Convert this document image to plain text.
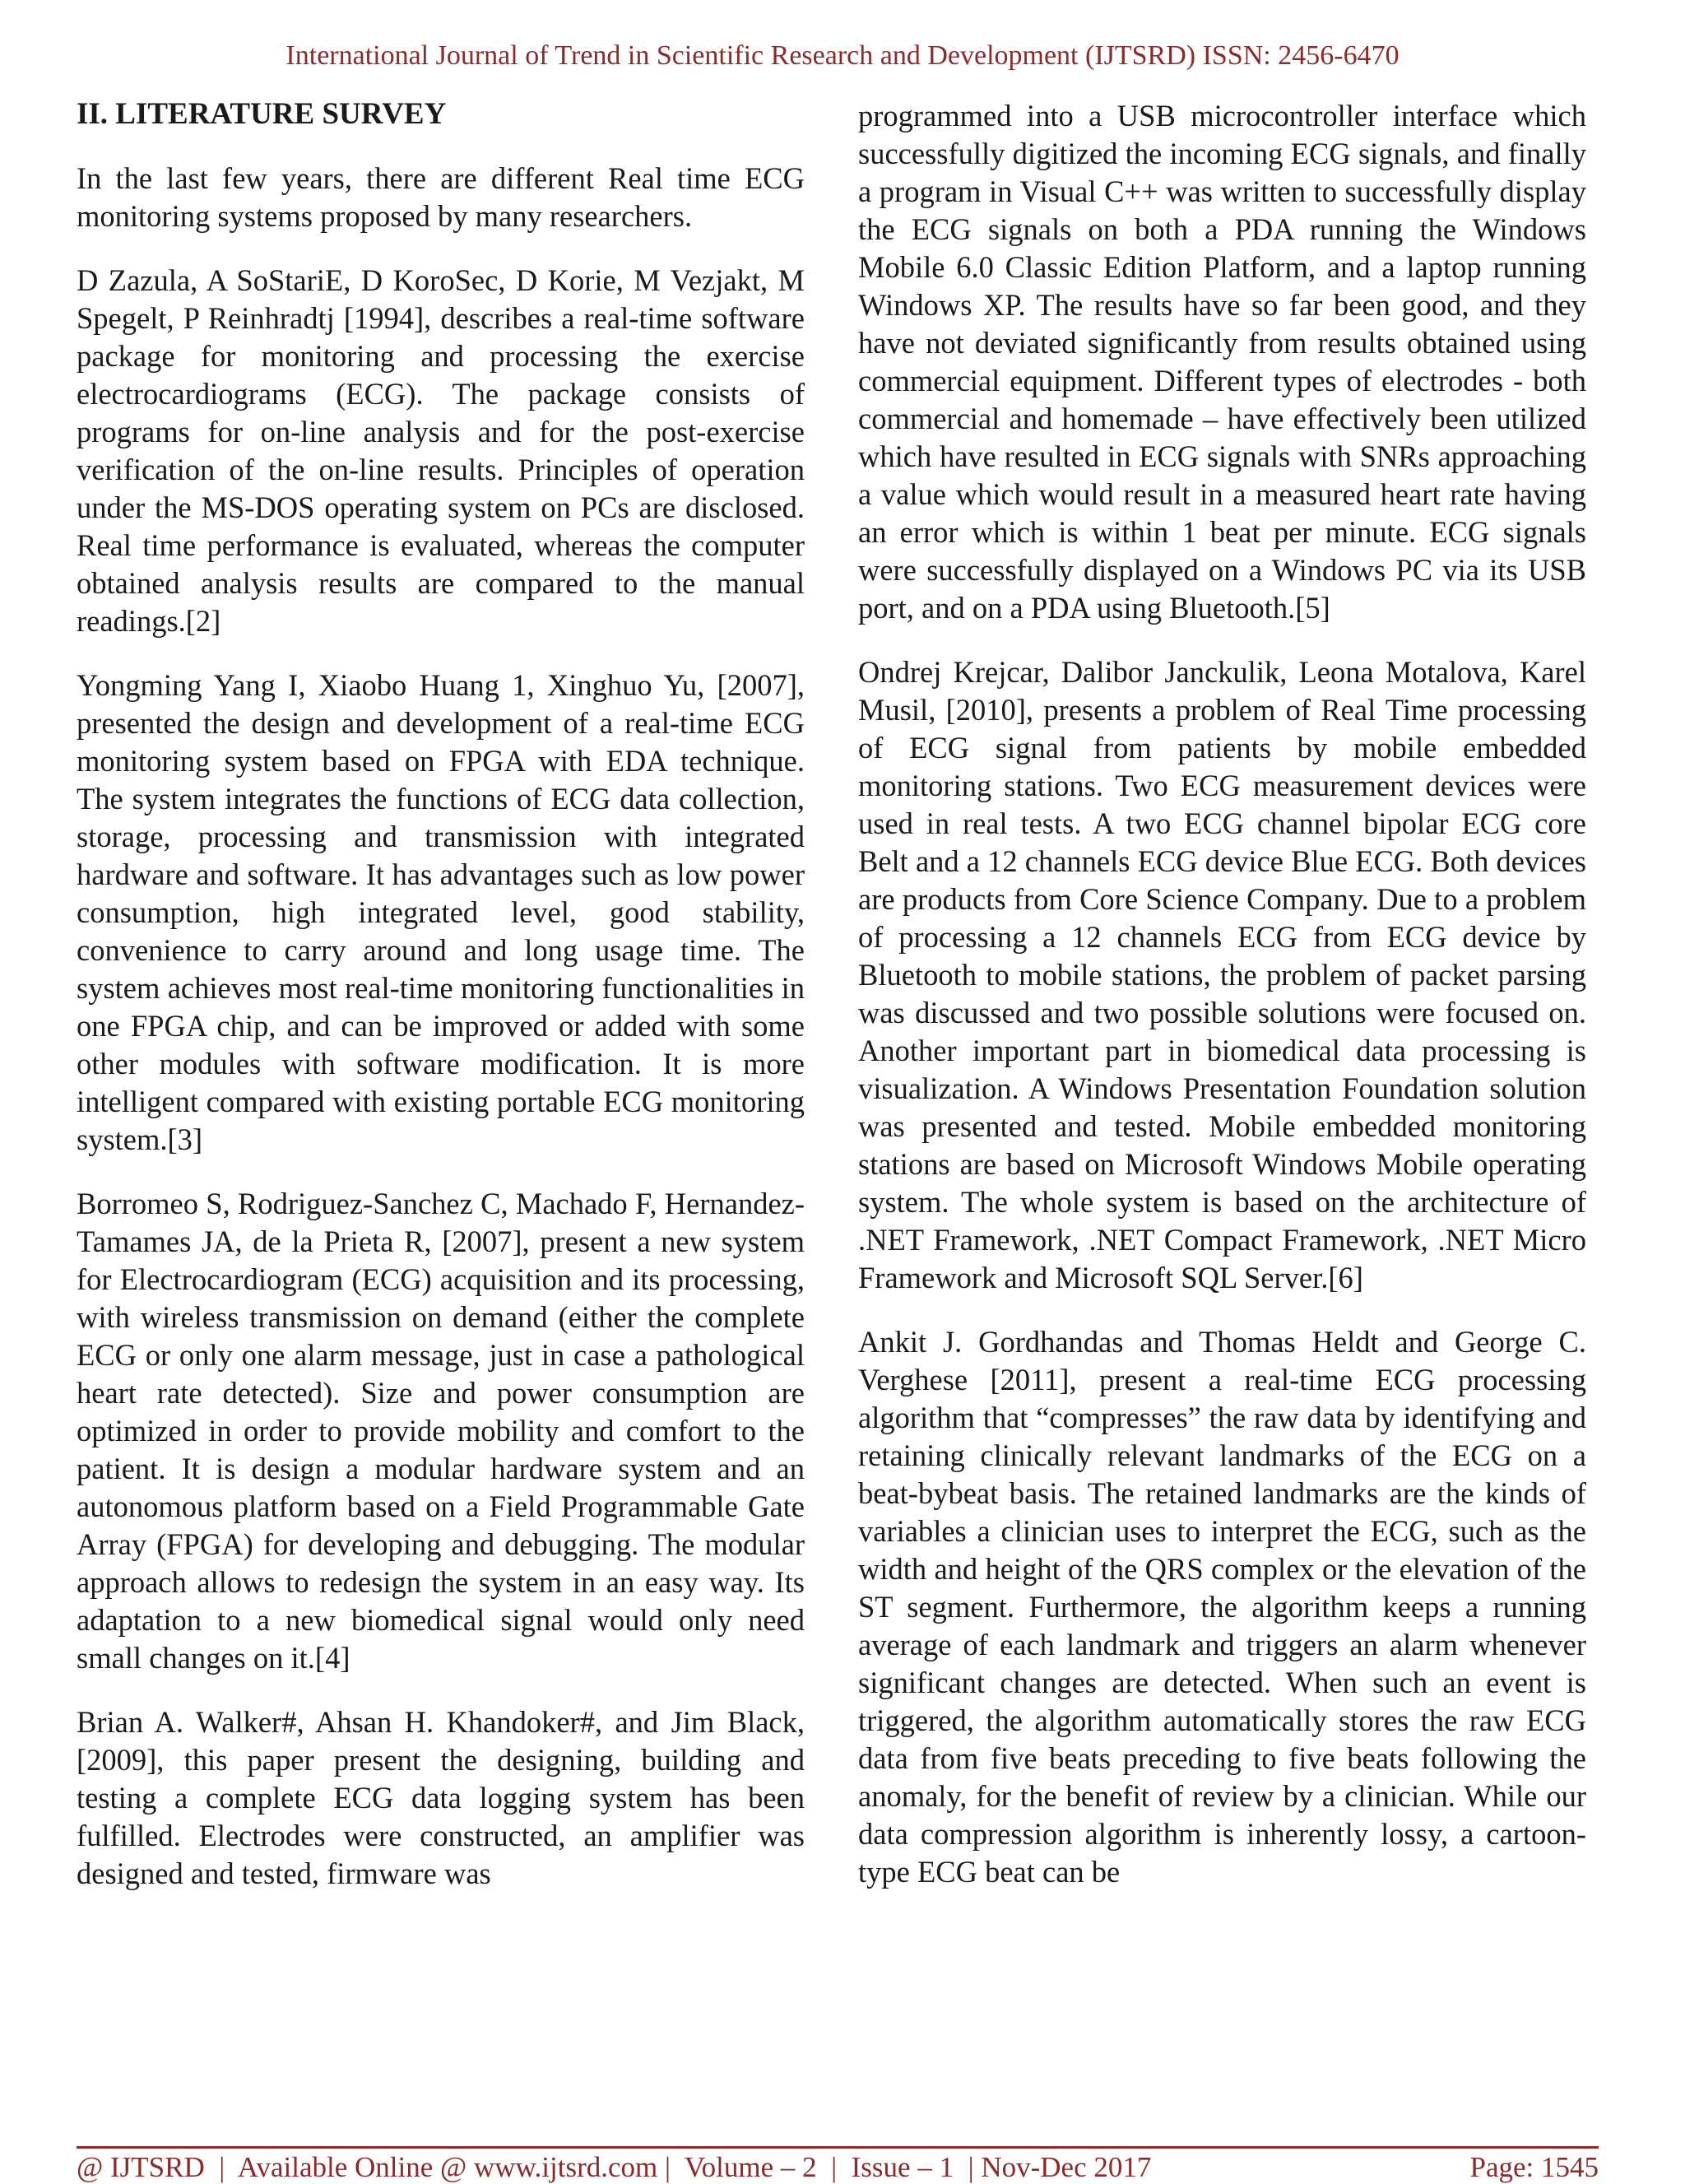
International Journal of Trend in Scientific Research and Development (IJTSRD) ISSN: 2456-6470
II. LITERATURE SURVEY

In the last few years, there are different Real time ECG monitoring systems proposed by many researchers.

D Zazula, A SoStariE, D KoroSec, D Korie, M Vezjakt, M Spegelt, P Reinhradtj [1994], describes a real-time software package for monitoring and processing the exercise electrocardiograms (ECG). The package consists of programs for on-line analysis and for the post-exercise verification of the on-line results. Principles of operation under the MS-DOS operating system on PCs are disclosed. Real time performance is evaluated, whereas the computer obtained analysis results are compared to the manual readings.[2]

Yongming Yang I, Xiaobo Huang 1, Xinghuo Yu, [2007], presented the design and development of a real-time ECG monitoring system based on FPGA with EDA technique. The system integrates the functions of ECG data collection, storage, processing and transmission with integrated hardware and software. It has advantages such as low power consumption, high integrated level, good stability, convenience to carry around and long usage time. The system achieves most real-time monitoring functionalities in one FPGA chip, and can be improved or added with some other modules with software modification. It is more intelligent compared with existing portable ECG monitoring system.[3]

Borromeo S, Rodriguez-Sanchez C, Machado F, Hernandez-Tamames JA, de la Prieta R, [2007], present a new system for Electrocardiogram (ECG) acquisition and its processing, with wireless transmission on demand (either the complete ECG or only one alarm message, just in case a pathological heart rate detected). Size and power consumption are optimized in order to provide mobility and comfort to the patient. It is design a modular hardware system and an autonomous platform based on a Field Programmable Gate Array (FPGA) for developing and debugging. The modular approach allows to redesign the system in an easy way. Its adaptation to a new biomedical signal would only need small changes on it.[4]

Brian A. Walker#, Ahsan H. Khandoker#, and Jim Black, [2009], this paper present the designing, building and testing a complete ECG data logging system has been fulfilled. Electrodes were constructed, an amplifier was designed and tested, firmware was

programmed into a USB microcontroller interface which successfully digitized the incoming ECG signals, and finally a program in Visual C++ was written to successfully display the ECG signals on both a PDA running the Windows Mobile 6.0 Classic Edition Platform, and a laptop running Windows XP. The results have so far been good, and they have not deviated significantly from results obtained using commercial equipment. Different types of electrodes - both commercial and homemade – have effectively been utilized which have resulted in ECG signals with SNRs approaching a value which would result in a measured heart rate having an error which is within 1 beat per minute. ECG signals were successfully displayed on a Windows PC via its USB port, and on a PDA using Bluetooth.[5]

Ondrej Krejcar, Dalibor Janckulik, Leona Motalova, Karel Musil, [2010], presents a problem of Real Time processing of ECG signal from patients by mobile embedded monitoring stations. Two ECG measurement devices were used in real tests. A two ECG channel bipolar ECG core Belt and a 12 channels ECG device Blue ECG. Both devices are products from Core Science Company. Due to a problem of processing a 12 channels ECG from ECG device by Bluetooth to mobile stations, the problem of packet parsing was discussed and two possible solutions were focused on. Another important part in biomedical data processing is visualization. A Windows Presentation Foundation solution was presented and tested. Mobile embedded monitoring stations are based on Microsoft Windows Mobile operating system. The whole system is based on the architecture of .NET Framework, .NET Compact Framework, .NET Micro Framework and Microsoft SQL Server.[6]

Ankit J. Gordhandas and Thomas Heldt and George C. Verghese [2011], present a real-time ECG processing algorithm that “compresses” the raw data by identifying and retaining clinically relevant landmarks of the ECG on a beat-bybeat basis. The retained landmarks are the kinds of variables a clinician uses to interpret the ECG, such as the width and height of the QRS complex or the elevation of the ST segment. Furthermore, the algorithm keeps a running average of each landmark and triggers an alarm whenever significant changes are detected. When such an event is triggered, the algorithm automatically stores the raw ECG data from five beats preceding to five beats following the anomaly, for the benefit of review by a clinician. While our data compression algorithm is inherently lossy, a cartoon-type ECG beat can be

@ IJTSRD  |  Available Online @ www.ijtsrd.com |  Volume – 2  |  Issue – 1  | Nov-Dec 2017	Page: 1545
